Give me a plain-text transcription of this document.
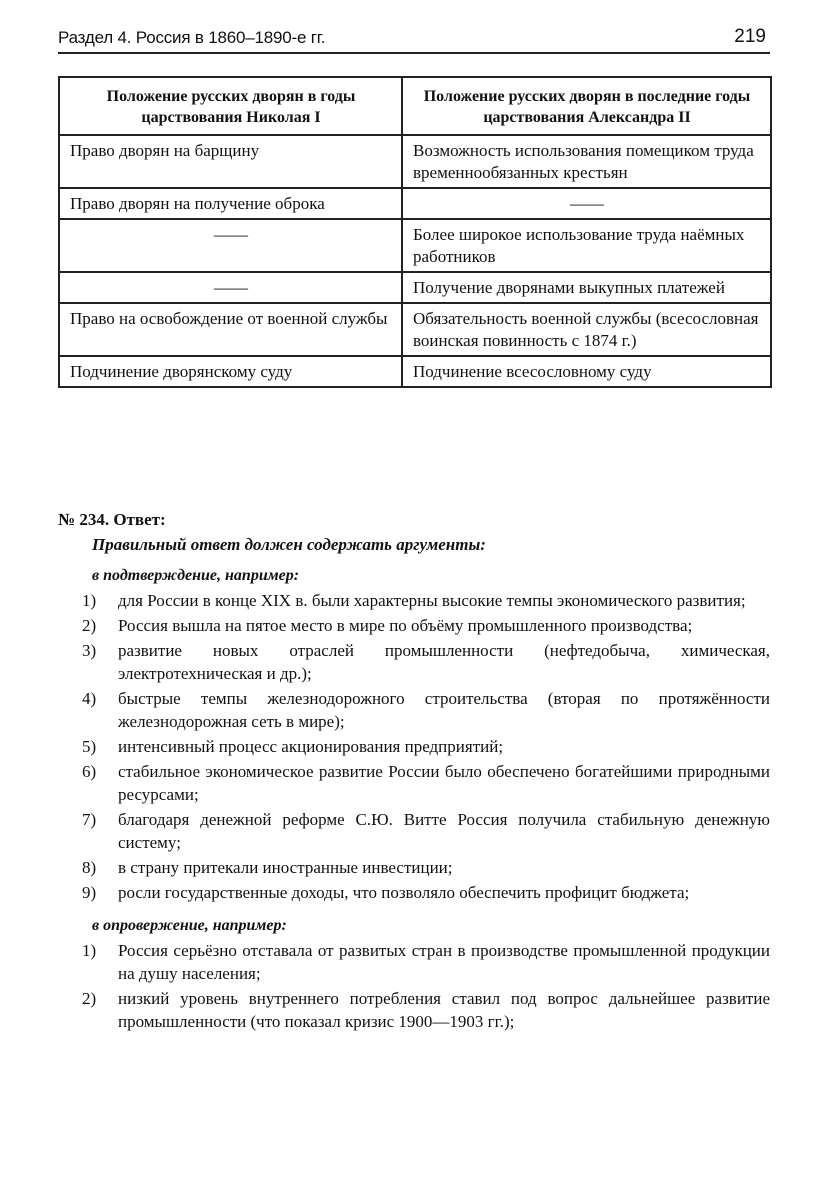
Раздел 4. Россия в 1860–1890-е гг.	219
Положение русских дворян в годы царствования Николая I	Положение русских дворян в последние годы царствования Александра II
Право дворян на барщину	Возможность использования помещиком труда временнообязанных крестьян
Право дворян на получение оброка	——
——	Более широкое использование труда наёмных работников
——	Получение дворянами выкупных платежей
Право на освобождение от военной службы	Обязательность военной службы (всесословная воинская повинность с 1874 г.)
Подчинение дворянскому суду	Подчинение всесословному суду
№ 234. Ответ:
Правильный ответ должен содержать аргументы:
в подтверждение, например:
1) для России в конце XIX в. были характерны высокие темпы экономического развития;
2) Россия вышла на пятое место в мире по объёму промышленного производства;
3) развитие новых отраслей промышленности (нефтедобыча, химическая, электротехническая и др.);
4) быстрые темпы железнодорожного строительства (вторая по протяжённости железнодорожная сеть в мире);
5) интенсивный процесс акционирования предприятий;
6) стабильное экономическое развитие России было обеспечено богатейшими природными ресурсами;
7) благодаря денежной реформе С.Ю. Витте Россия получила стабильную денежную систему;
8) в страну притекали иностранные инвестиции;
9) росли государственные доходы, что позволяло обеспечить профицит бюджета;
в опровержение, например:
1) Россия серьёзно отставала от развитых стран в производстве промышленной продукции на душу населения;
2) низкий уровень внутреннего потребления ставил под вопрос дальнейшее развитие промышленности (что показал кризис 1900—1903 гг.);
